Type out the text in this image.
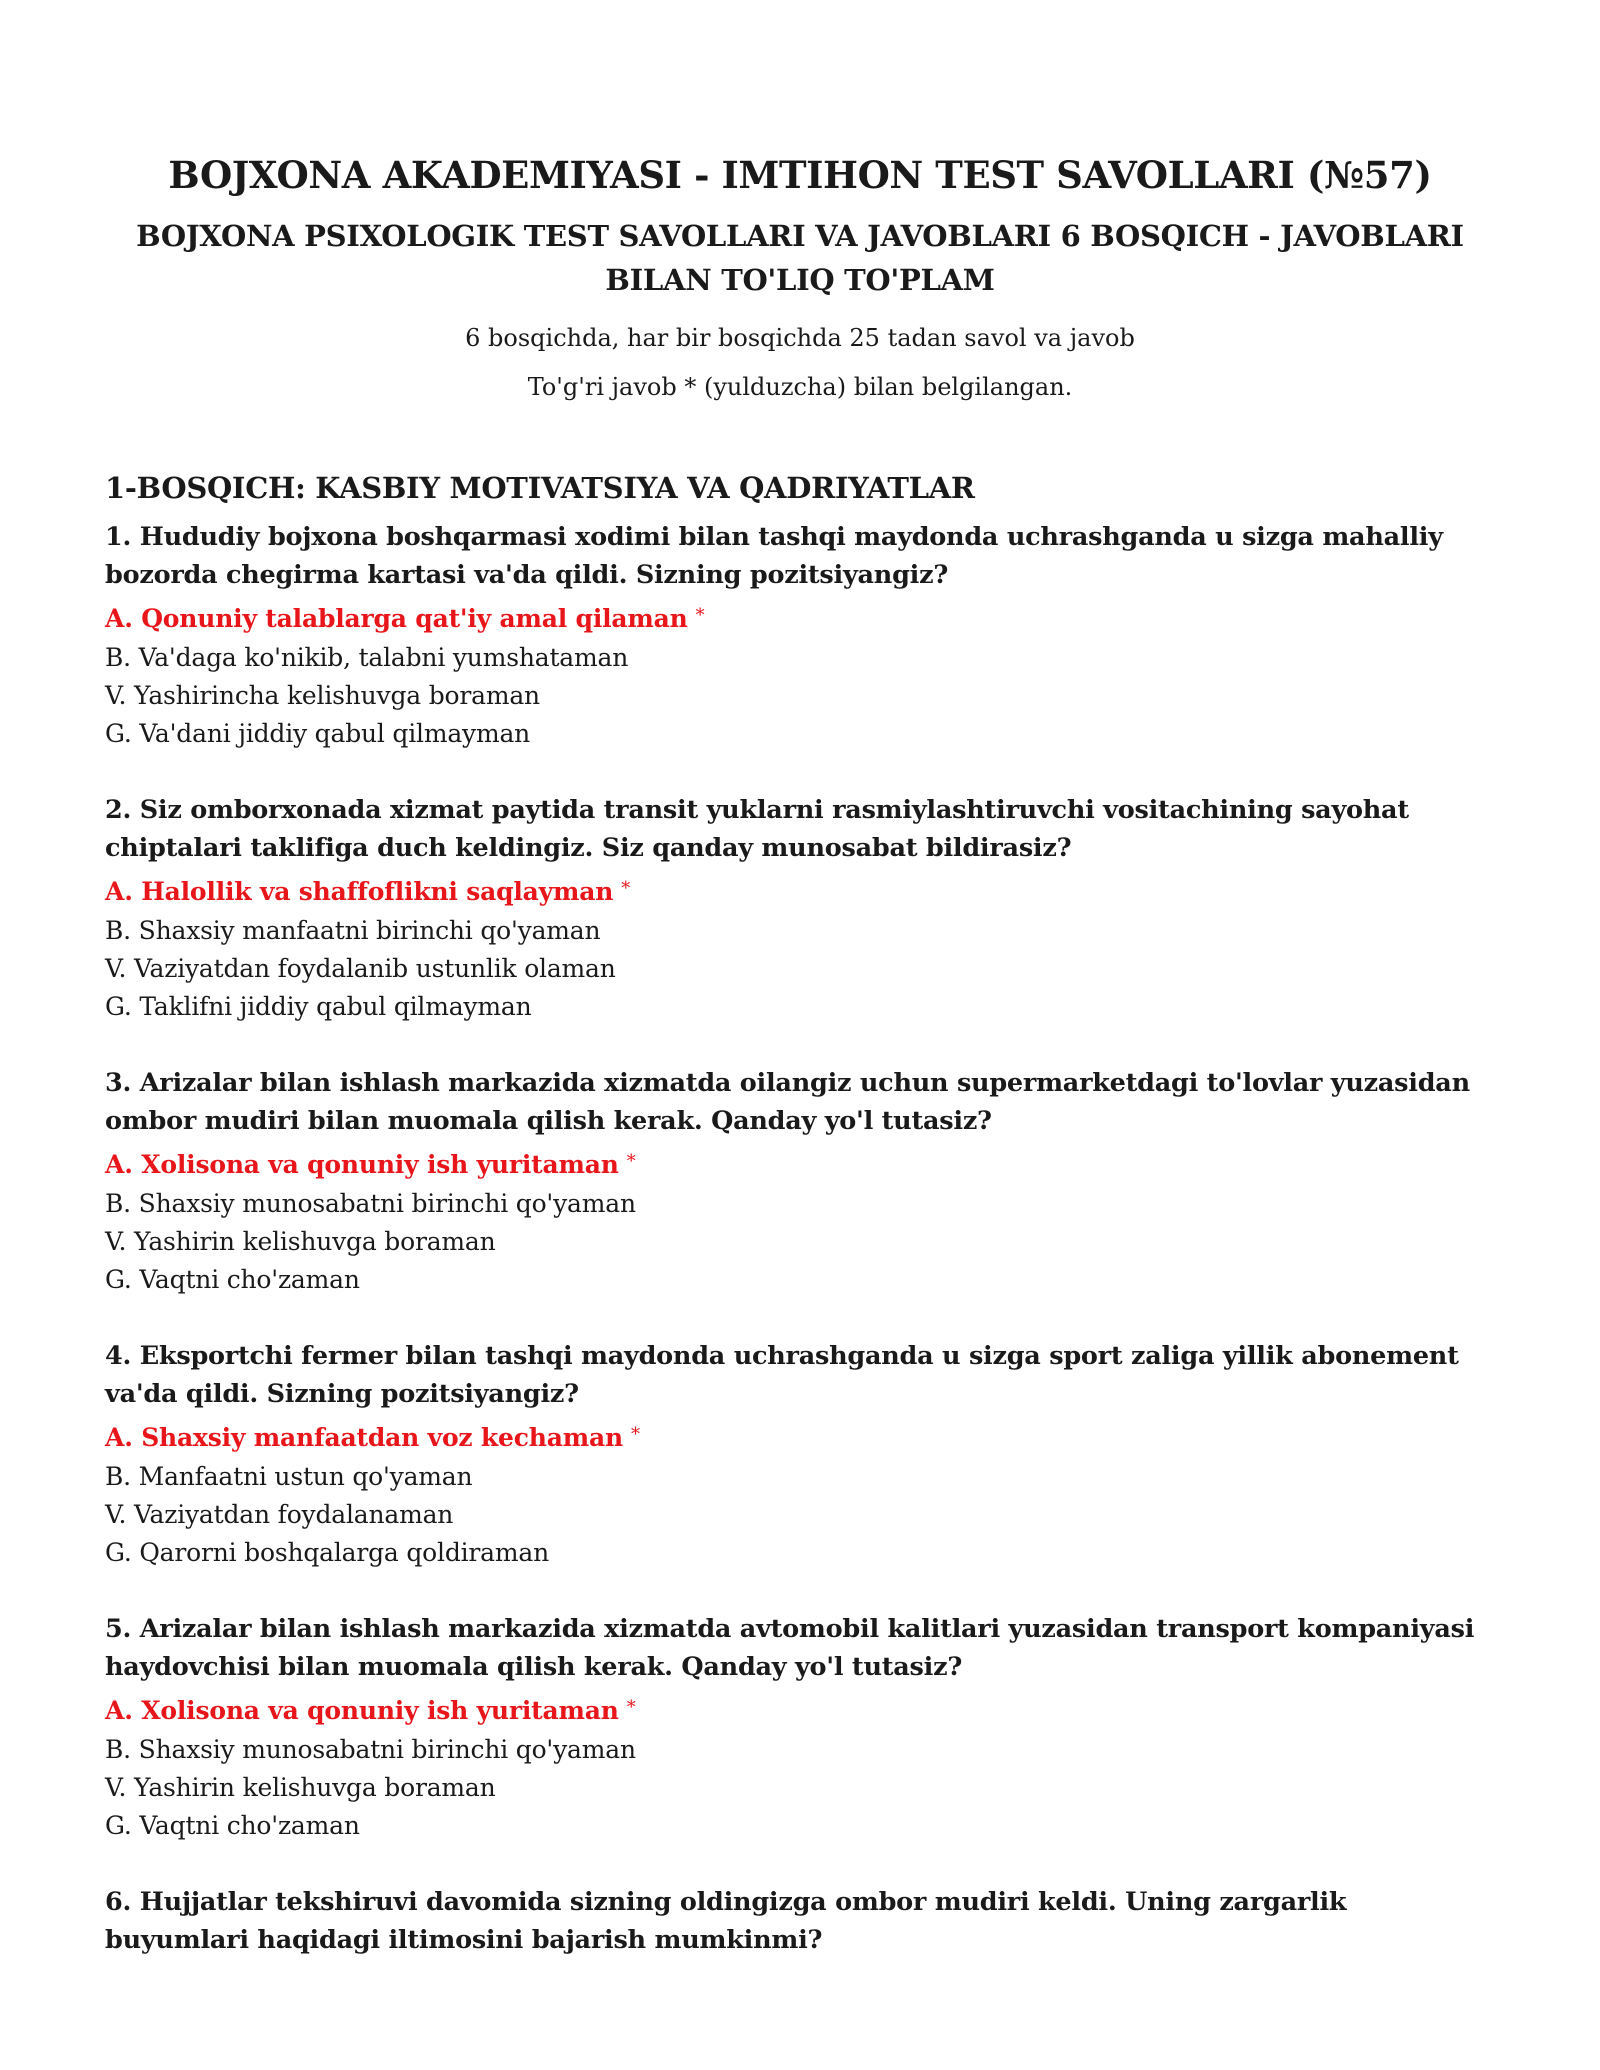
BOJXONA AKADEMIYASI - IMTIHON TEST SAVOLLARI (№57)
BOJXONA PSIXOLOGIK TEST SAVOLLARI VA JAVOBLARI 6 BOSQICH - JAVOBLARI BILAN TO'LIQ TO'PLAM

6 bosqichda, har bir bosqichda 25 tadan savol va javob

To'g'ri javob * (yulduzcha) bilan belgilangan.

1-BOSQICH: KASBIY MOTIVATSIYA VA QADRIYATLAR

1. Hududiy bojxona boshqarmasi xodimi bilan tashqi maydonda uchrashganda u sizga mahalliy bozorda chegirma kartasi va'da qildi. Sizning pozitsiyangiz?

A. Qonuniy talablarga qat'iy amal qilaman *

B. Va'daga ko'nikib, talabni yumshataman

V. Yashirincha kelishuvga boraman

G. Va'dani jiddiy qabul qilmayman

2. Siz omborxonada xizmat paytida transit yuklarni rasmiylashtiruvchi vositachining sayohat chiptalari taklifiga duch keldingiz. Siz qanday munosabat bildirasiz?

A. Halollik va shaffoflikni saqlayman *

B. Shaxsiy manfaatni birinchi qo'yaman

V. Vaziyatdan foydalanib ustunlik olaman

G. Taklifni jiddiy qabul qilmayman

3. Arizalar bilan ishlash markazida xizmatda oilangiz uchun supermarketdagi to'lovlar yuzasidan ombor mudiri bilan muomala qilish kerak. Qanday yo'l tutasiz?

A. Xolisona va qonuniy ish yuritaman *

B. Shaxsiy munosabatni birinchi qo'yaman

V. Yashirin kelishuvga boraman

G. Vaqtni cho'zaman

4. Eksportchi fermer bilan tashqi maydonda uchrashganda u sizga sport zaliga yillik abonement va'da qildi. Sizning pozitsiyangiz?

A. Shaxsiy manfaatdan voz kechaman *

B. Manfaatni ustun qo'yaman

V. Vaziyatdan foydalanaman

G. Qarorni boshqalarga qoldiraman

5. Arizalar bilan ishlash markazida xizmatda avtomobil kalitlari yuzasidan transport kompaniyasi haydovchisi bilan muomala qilish kerak. Qanday yo'l tutasiz?

A. Xolisona va qonuniy ish yuritaman *

B. Shaxsiy munosabatni birinchi qo'yaman

V. Yashirin kelishuvga boraman

G. Vaqtni cho'zaman

6. Hujjatlar tekshiruvi davomida sizning oldingizga ombor mudiri keldi. Uning zargarlik buyumlari haqidagi iltimosini bajarish mumkinmi?
